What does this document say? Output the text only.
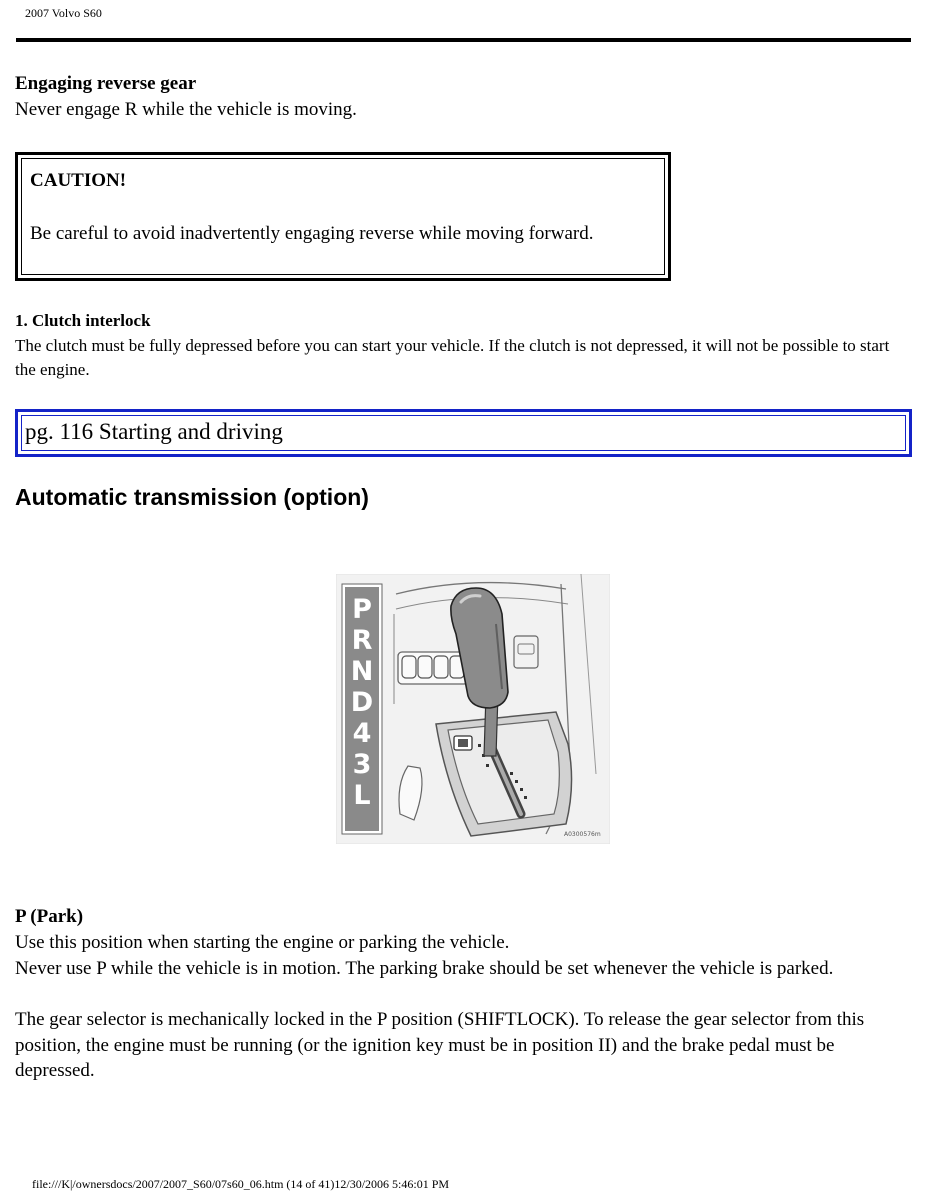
2007 Volvo S60

Engaging reverse gear

Never engage R while the vehicle is moving.

CAUTION!
Be careful to avoid inadvertently engaging reverse while moving forward.
1. Clutch interlock
The clutch must be fully depressed before you can start your vehicle. If the clutch is not depressed, it will not be possible to start the engine.
pg. 116 Starting and driving
Automatic transmission (option)
P
R
N
D
4
3
L
A0300576m

P (Park)

Use this position when starting the engine or parking the vehicle.

Never use P while the vehicle is in motion. The parking brake should be set whenever the vehicle is parked.

The gear selector is mechanically locked in the P position (SHIFTLOCK). To release the gear selector from this position, the engine must be running (or the ignition key must be in position II) and the brake pedal must be depressed.

file:///K|/ownersdocs/2007/2007_S60/07s60_06.htm (14 of 41)12/30/2006 5:46:01 PM
